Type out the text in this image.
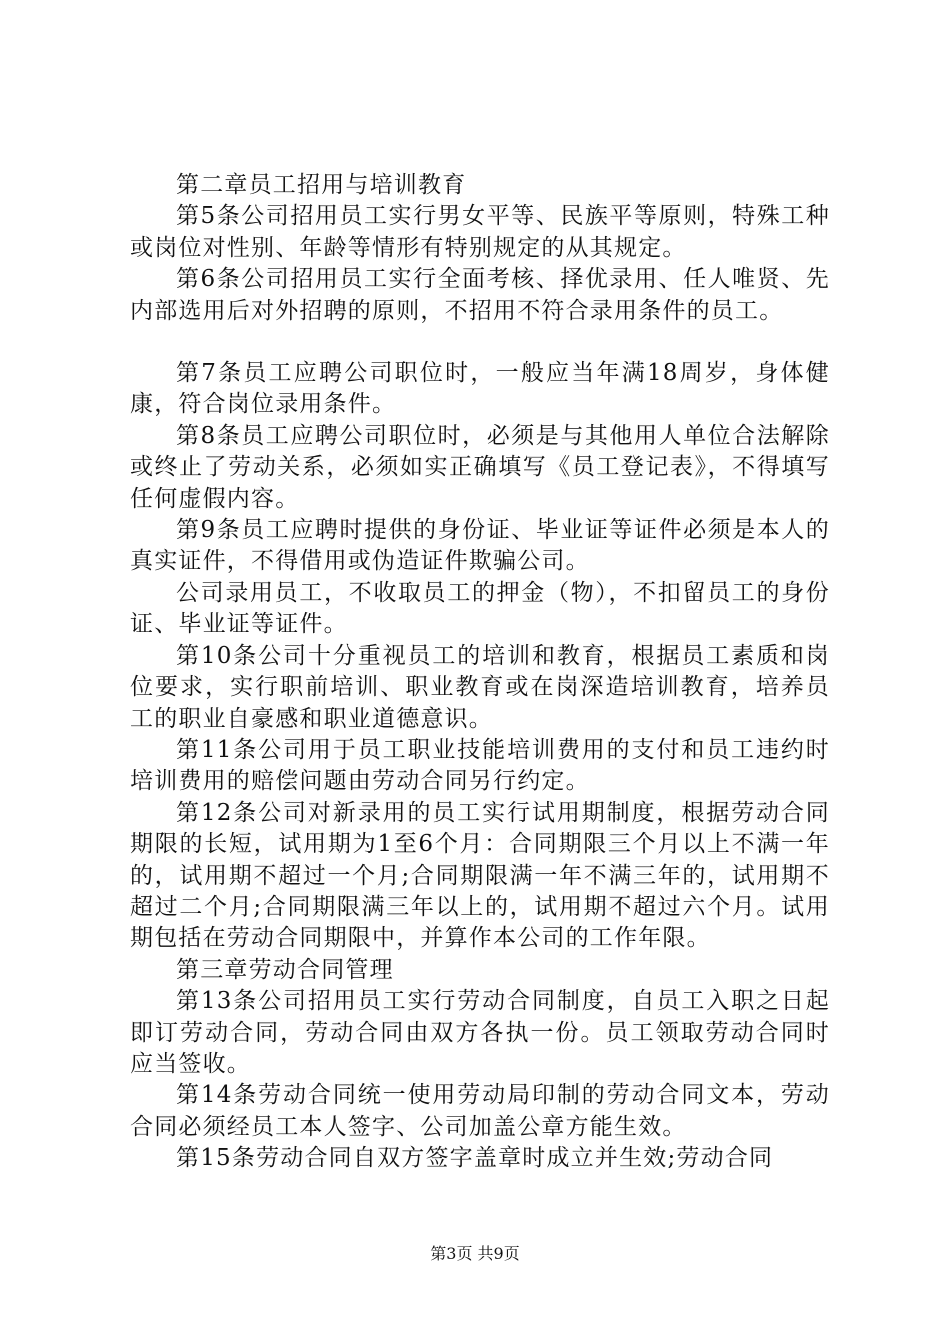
第二章员工招用与培训教育

第5条公司招用员工实行男女平等、民族平等原则，特殊工种或岗位对性别、年龄等情形有特别规定的从其规定。

第6条公司招用员工实行全面考核、择优录用、任人唯贤、先内部选用后对外招聘的原则，不招用不符合录用条件的员工。

第7条员工应聘公司职位时，一般应当年满18周岁，身体健康，符合岗位录用条件。

第8条员工应聘公司职位时，必须是与其他用人单位合法解除或终止了劳动关系，必须如实正确填写《员工登记表》，不得填写任何虚假内容。

第9条员工应聘时提供的身份证、毕业证等证件必须是本人的真实证件，不得借用或伪造证件欺骗公司。

公司录用员工，不收取员工的押金（物），不扣留员工的身份证、毕业证等证件。

第10条公司十分重视员工的培训和教育，根据员工素质和岗位要求，实行职前培训、职业教育或在岗深造培训教育，培养员工的职业自豪感和职业道德意识。

第11条公司用于员工职业技能培训费用的支付和员工违约时培训费用的赔偿问题由劳动合同另行约定。

第12条公司对新录用的员工实行试用期制度，根据劳动合同期限的长短，试用期为1至6个月：合同期限三个月以上不满一年的，试用期不超过一个月;合同期限满一年不满三年的，试用期不超过二个月;合同期限满三年以上的，试用期不超过六个月。试用期包括在劳动合同期限中，并算作本公司的工作年限。

第三章劳动合同管理

第13条公司招用员工实行劳动合同制度，自员工入职之日起即订劳动合同，劳动合同由双方各执一份。员工领取劳动合同时应当签收。

第14条劳动合同统一使用劳动局印制的劳动合同文本，劳动合同必须经员工本人签字、公司加盖公章方能生效。

第15条劳动合同自双方签字盖章时成立并生效;劳动合同

第3页 共9页
